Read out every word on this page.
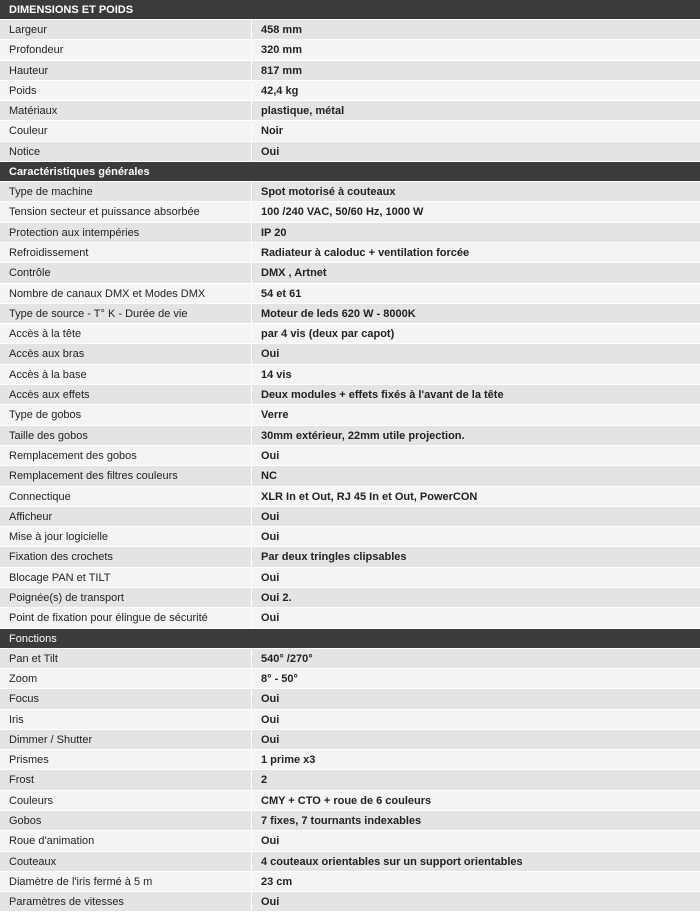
DIMENSIONS ET POIDS
Largeur	458 mm
Profondeur	320 mm
Hauteur	817 mm
Poids	42,4 kg
Matériaux	plastique, métal
Couleur	Noir
Notice	Oui
Caractéristiques générales
Type de machine	Spot motorisé à couteaux
Tension secteur et puissance absorbée	100 /240 VAC, 50/60 Hz, 1000 W
Protection aux intempéries	IP 20
Refroidissement	Radiateur à caloduc + ventilation forcée
Contrôle	DMX , Artnet
Nombre de canaux DMX et Modes DMX	54 et 61
Type de source - T° K - Durée de vie	Moteur de leds 620 W - 8000K
Accès à la tête	par 4 vis (deux par capot)
Accès aux bras	Oui
Accès à la base	14 vis
Accès aux effets	Deux modules + effets fixés à l'avant de la tête
Type de gobos	Verre
Taille des gobos	30mm extérieur, 22mm utile projection.
Remplacement des gobos	Oui
Remplacement des filtres couleurs	NC
Connectique	XLR In et Out, RJ 45 In et Out, PowerCON
Afficheur	Oui
Mise à jour logicielle	Oui
Fixation des crochets	Par deux tringles clipsables
Blocage PAN et TILT	Oui
Poignée(s) de transport	Oui 2.
Point de fixation pour élingue de sécurité	Oui
Fonctions
Pan et Tilt	540° /270°
Zoom	8° - 50°
Focus	Oui
Iris	Oui
Dimmer / Shutter	Oui
Prismes	1 prime x3
Frost	2
Couleurs	CMY + CTO + roue de 6 couleurs
Gobos	7 fixes, 7 tournants indexables
Roue d'animation	Oui
Couteaux	4 couteaux orientables sur un support orientables
Diamètre de l'iris fermé à 5 m	23 cm
Paramètres de vitesses	Oui
